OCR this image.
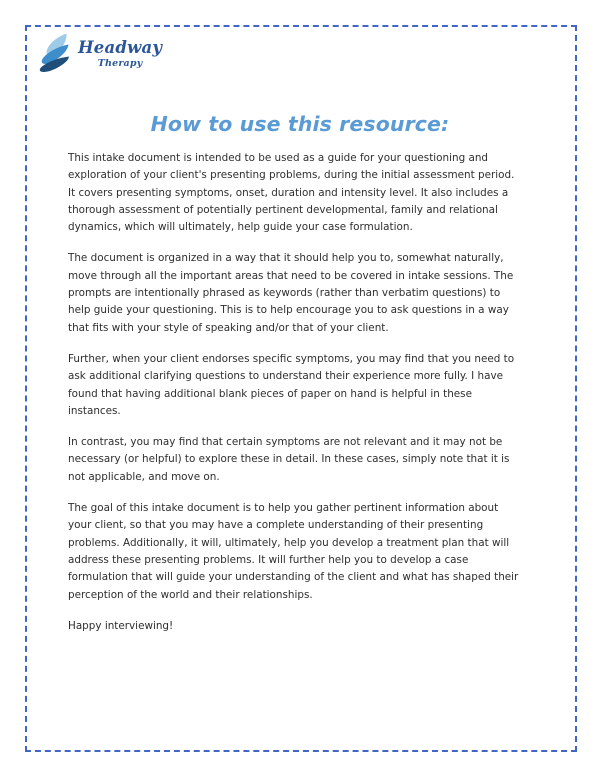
Headway
Therapy
How to use this resource:

This intake document is intended to be used as a guide for your questioning and exploration of your client's presenting problems, during the initial assessment period. It covers presenting symptoms, onset, duration and intensity level. It also includes a thorough assessment of potentially pertinent developmental, family and relational dynamics, which will ultimately, help guide your case formulation.

The document is organized in a way that it should help you to, somewhat naturally, move through all the important areas that need to be covered in intake sessions. The prompts are intentionally phrased as keywords (rather than verbatim questions) to help guide your questioning. This is to help encourage you to ask questions in a way that fits with your style of speaking and/or that of your client.

Further, when your client endorses specific symptoms, you may find that you need to ask additional clarifying questions to understand their experience more fully. I have found that having additional blank pieces of paper on hand is helpful in these instances.

In contrast, you may find that certain symptoms are not relevant and it may not be necessary (or helpful) to explore these in detail. In these cases, simply note that it is not applicable, and move on.

The goal of this intake document is to help you gather pertinent information about your client, so that you may have a complete understanding of their presenting problems. Additionally, it will, ultimately, help you develop a treatment plan that will address these presenting problems. It will further help you to develop a case formulation that will guide your understanding of the client and what has shaped their perception of the world and their relationships.

Happy interviewing!
